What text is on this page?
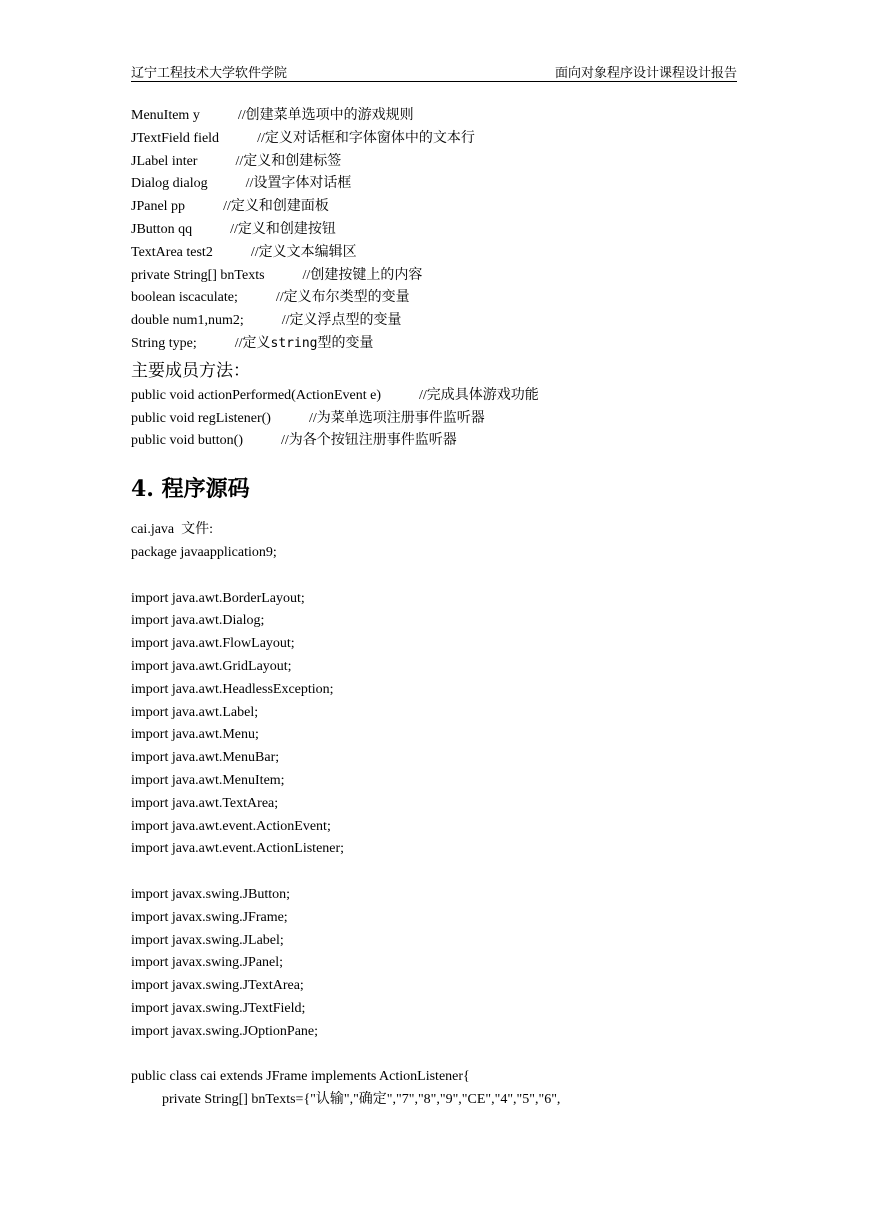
辽宁工程技术大学软件学院	面向对象程序设计课程设计报告
MenuItem y	//创建菜单选项中的游戏规则
JTextField field	//定义对话框和字体窗体中的文本行
JLabel inter	//定义和创建标签
Dialog dialog	//设置字体对话框
JPanel pp	//定义和创建面板
JButton qq	//定义和创建按钮
TextArea test2	//定义文本编辑区
private String[] bnTexts	//创建按键上的内容
boolean iscaculate;	//定义布尔类型的变量
double num1,num2;	//定义浮点型的变量
String type;	//定义string型的变量
主要成员方法：
public void actionPerformed(ActionEvent e)	//完成具体游戏功能
public void regListener()	//为菜单选项注册事件监听器
public void button()	//为各个按钮注册事件监听器
4. 程序源码
cai.java  文件:
package javaapplication9;
import java.awt.BorderLayout;
import java.awt.Dialog;
import java.awt.FlowLayout;
import java.awt.GridLayout;
import java.awt.HeadlessException;
import java.awt.Label;
import java.awt.Menu;
import java.awt.MenuBar;
import java.awt.MenuItem;
import java.awt.TextArea;
import java.awt.event.ActionEvent;
import java.awt.event.ActionListener;
import javax.swing.JButton;
import javax.swing.JFrame;
import javax.swing.JLabel;
import javax.swing.JPanel;
import javax.swing.JTextArea;
import javax.swing.JTextField;
import javax.swing.JOptionPane;
public class cai extends JFrame implements ActionListener{
private String[] bnTexts={"认输","确定","7","8","9","CE","4","5","6",
